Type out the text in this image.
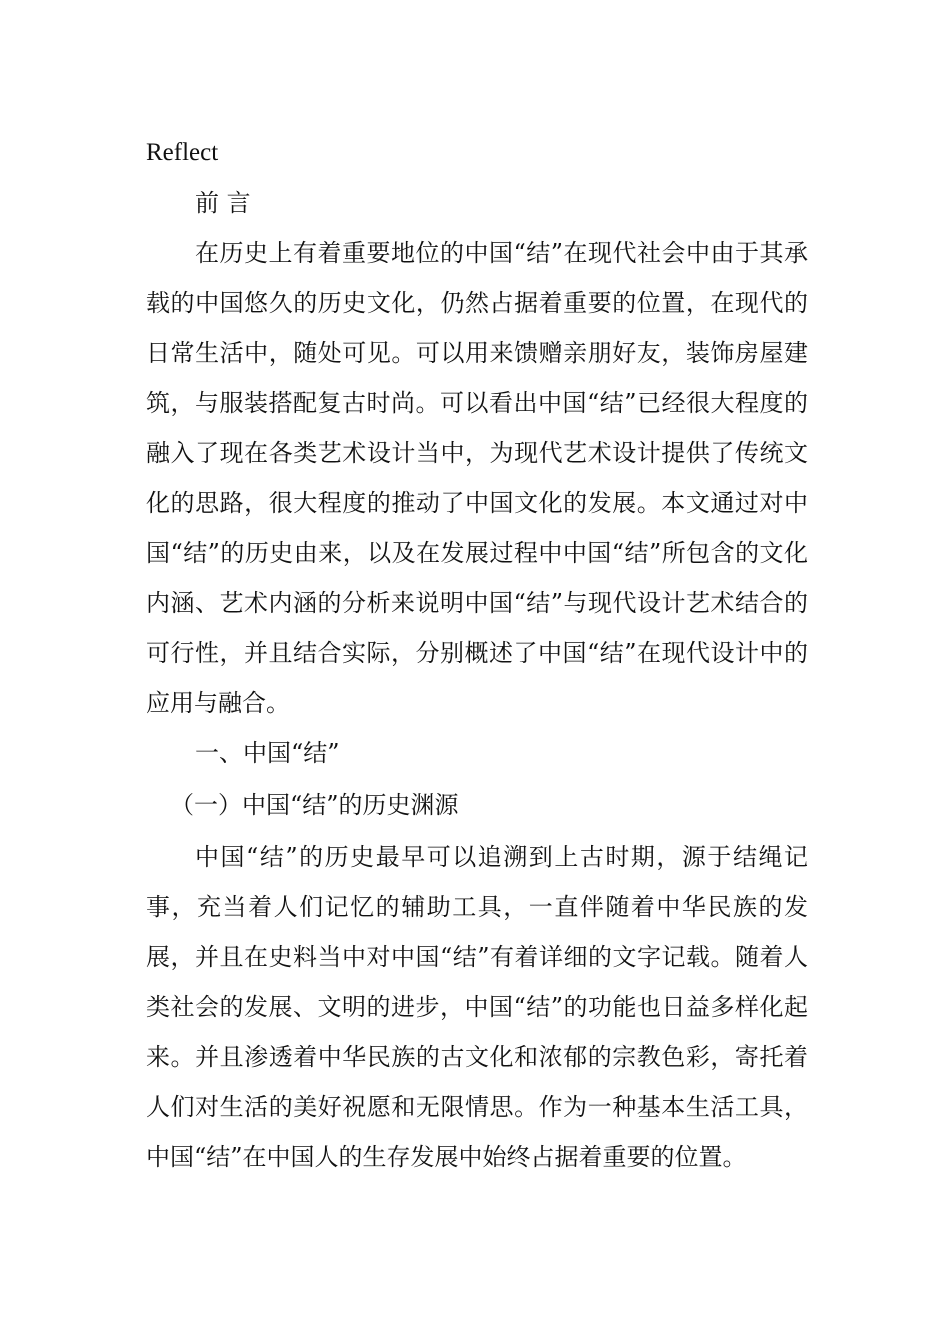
Reflect

前 言

在历史上有着重要地位的中国“结”在现代社会中由于其承载的中国悠久的历史文化，仍然占据着重要的位置，在现代的日常生活中，随处可见。可以用来馈赠亲朋好友，装饰房屋建筑，与服装搭配复古时尚。可以看出中国“结”已经很大程度的融入了现在各类艺术设计当中，为现代艺术设计提供了传统文化的思路，很大程度的推动了中国文化的发展。本文通过对中国“结”的历史由来，以及在发展过程中中国“结”所包含的文化内涵、艺术内涵的分析来说明中国“结”与现代设计艺术结合的可行性，并且结合实际，分别概述了中国“结”在现代设计中的应用与融合。

一、中国“结”

（一）中国“结”的历史渊源

中国“结”的历史最早可以追溯到上古时期，源于结绳记事，充当着人们记忆的辅助工具，一直伴随着中华民族的发展，并且在史料当中对中国“结”有着详细的文字记载。随着人类社会的发展、文明的进步，中国“结”的功能也日益多样化起来。并且渗透着中华民族的古文化和浓郁的宗教色彩，寄托着人们对生活的美好祝愿和无限情思。作为一种基本生活工具，中国“结”在中国人的生存发展中始终占据着重要的位置。
